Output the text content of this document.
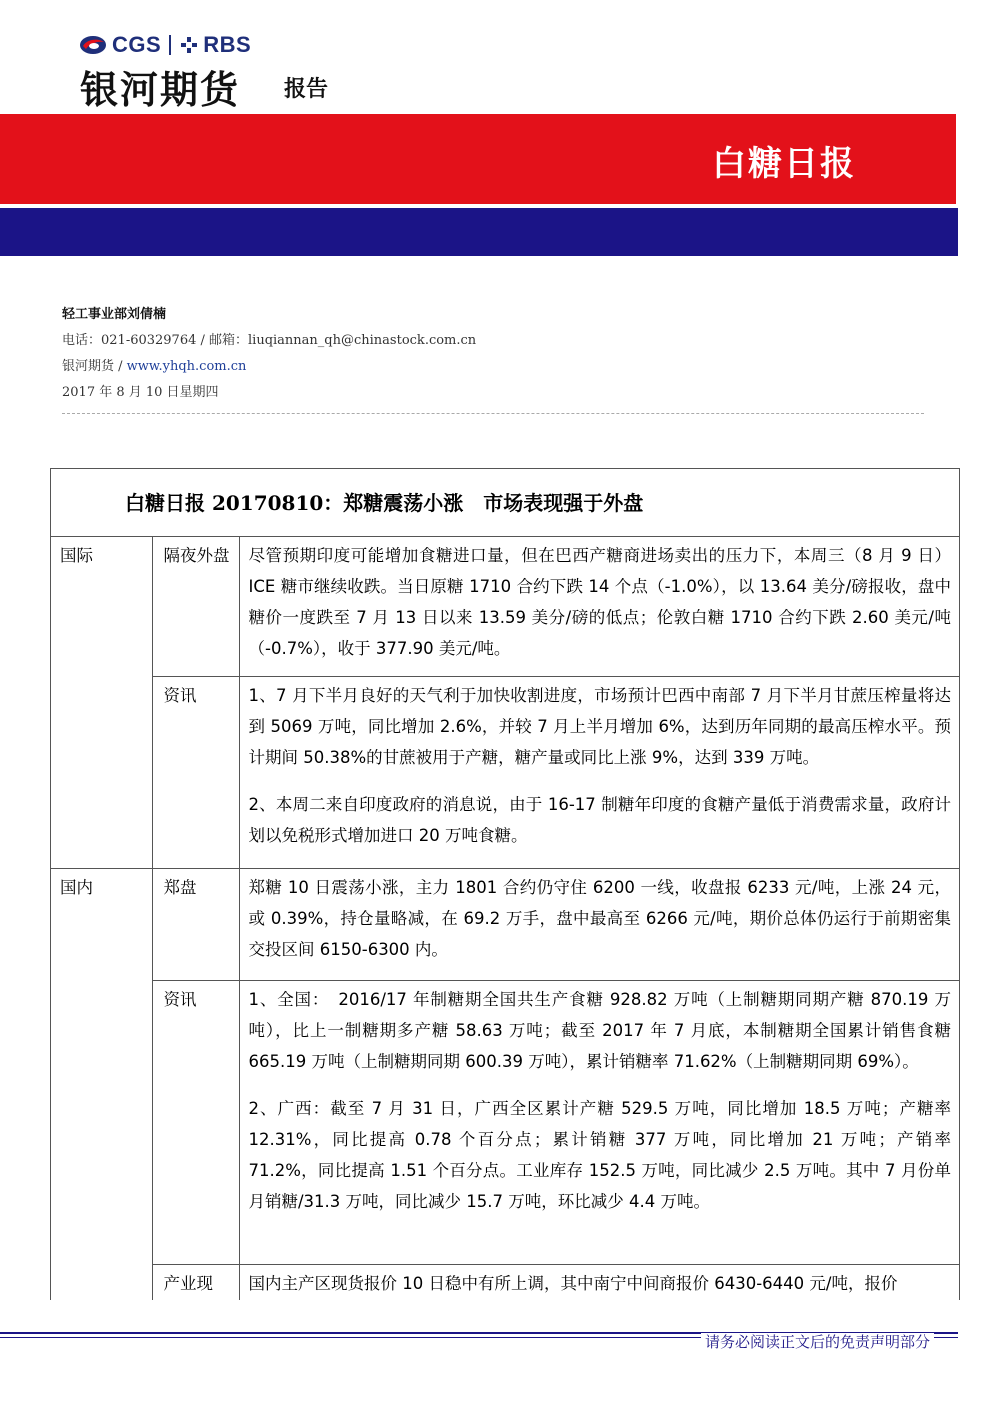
CGS RBS
银河期货 报告
白糖日报
轻工事业部刘倩楠
电话：021-60329764 / 邮箱：liuqiannan_qh@chinastock.com.cn
银河期货 / www.yhqh.com.cn
2017 年 8 月 10 日星期四
白糖日报 20170810：郑糖震荡小涨　市场表现强于外盘
国际	隔夜外盘	尽管预期印度可能增加食糖进口量，但在巴西产糖商进场卖出的压力下，本周三（8 月 9 日）ICE 糖市继续收跌。当日原糖 1710 合约下跌 14 个点（-1.0%），以 13.64 美分/磅报收，盘中糖价一度跌至 7 月 13 日以来 13.59 美分/磅的低点；伦敦白糖 1710 合约下跌 2.60 美元/吨（-0.7%），收于 377.90 美元/吨。

	资讯	1、7 月下半月良好的天气利于加快收割进度，市场预计巴西中南部 7 月下半月甘蔗压榨量将达到 5069 万吨，同比增加 2.6%，并较 7 月上半月增加 6%，达到历年同期的最高压榨水平。预计期间 50.38%的甘蔗被用于产糖，糖产量或同比上涨 9%，达到 339 万吨。

2、本周二来自印度政府的消息说，由于 16-17 制糖年印度的食糖产量低于消费需求量，政府计划以免税形式增加进口 20 万吨食糖。

国内	郑盘	郑糖 10 日震荡小涨，主力 1801 合约仍守住 6200 一线，收盘报 6233 元/吨，上涨 24 元，或 0.39%，持仓量略减，在 69.2 万手，盘中最高至 6266 元/吨，期价总体仍运行于前期密集交投区间 6150-6300 内。

	资讯	1、全国：　2016/17 年制糖期全国共生产食糖 928.82 万吨（上制糖期同期产糖 870.19 万吨），比上一制糖期多产糖 58.63 万吨；截至 2017 年 7 月底，本制糖期全国累计销售食糖 665.19 万吨（上制糖期同期 600.39 万吨），累计销糖率 71.62%（上制糖期同期 69%）。

2、广西：截至 7 月 31 日，广西全区累计产糖 529.5 万吨，同比增加 18.5 万吨；产糖率 12.31%，同比提高 0.78 个百分点；累计销糖 377 万吨，同比增加 21 万吨；产销率 71.2%，同比提高 1.51 个百分点。工业库存 152.5 万吨，同比减少 2.5 万吨。其中 7 月份单月销糖/31.3 万吨，同比减少 15.7 万吨，环比减少 4.4 万吨。

	产业现	国内主产区现货报价 10 日稳中有所上调，其中南宁中间商报价 6430-6440 元/吨，报价

请务必阅读正文后的免责声明部分
